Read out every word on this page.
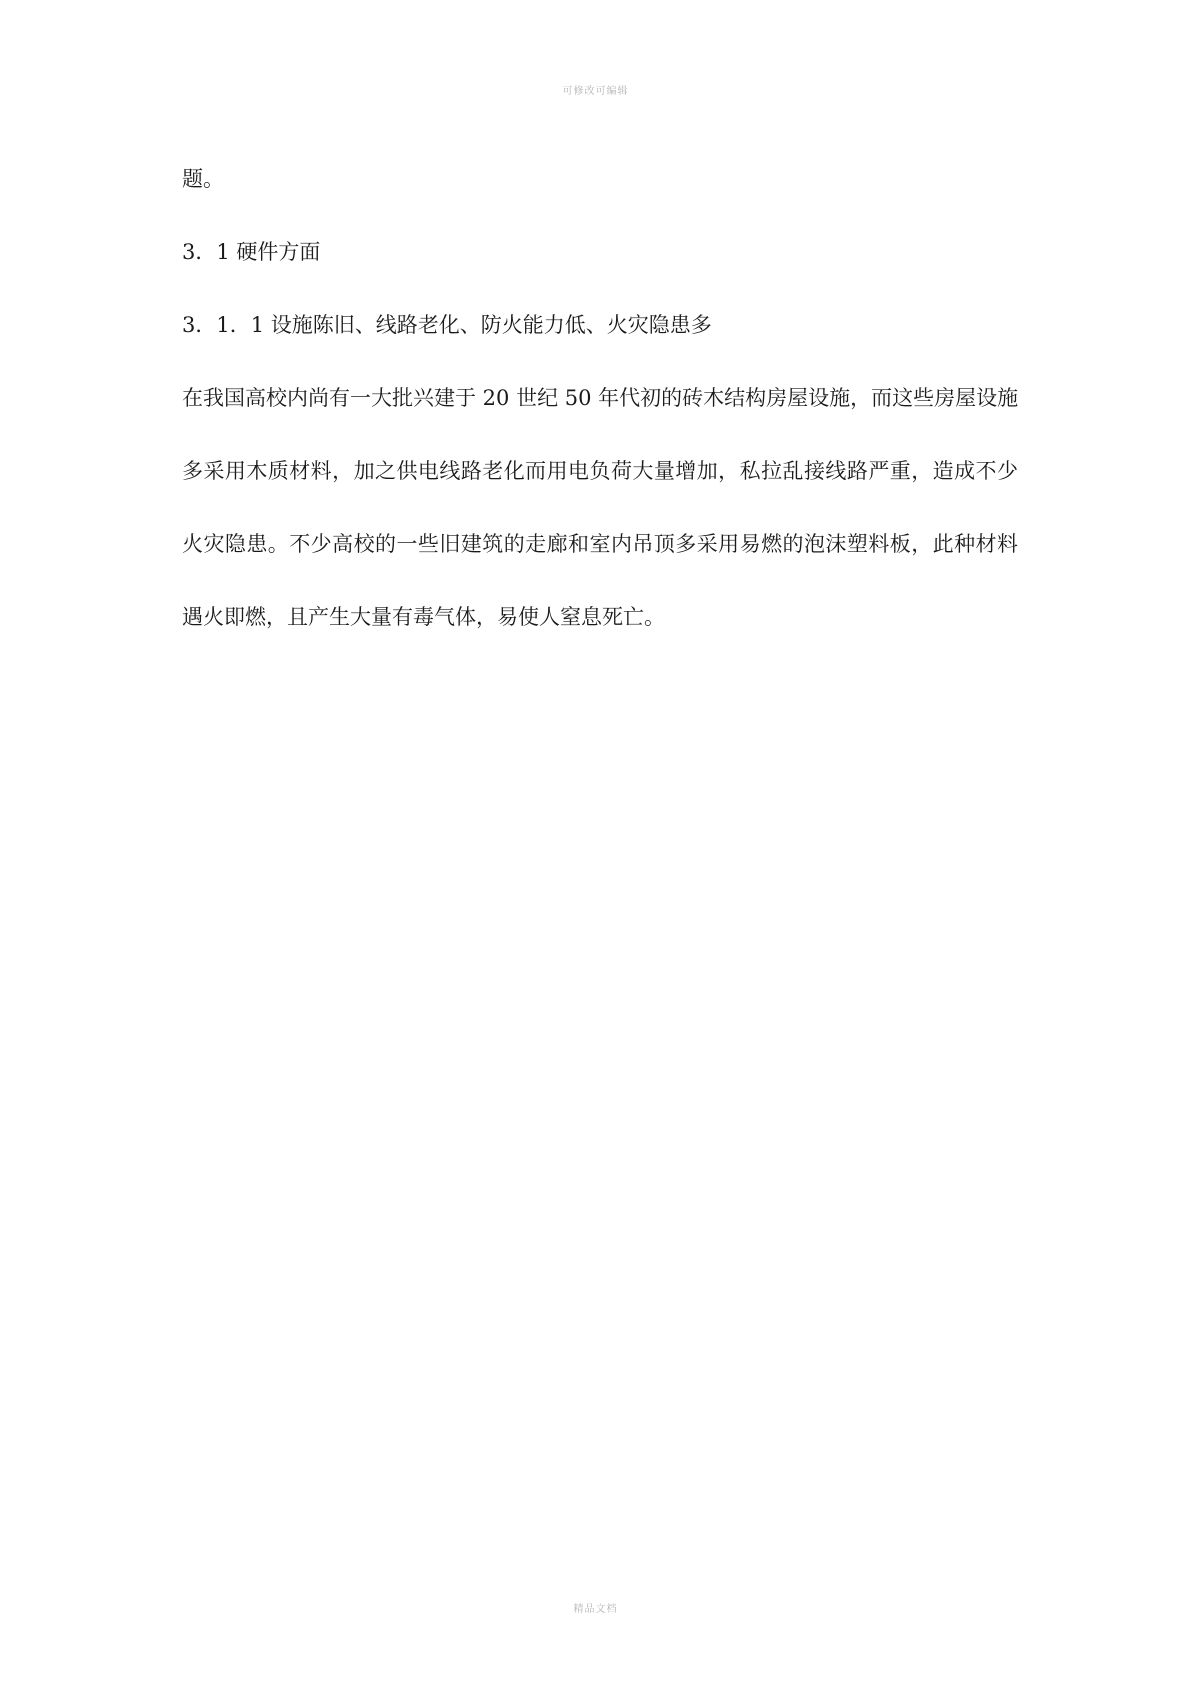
可修改可编辑
题。
3．1 硬件方面
3．1．1 设施陈旧、线路老化、防火能力低、火灾隐患多
在我国高校内尚有一大批兴建于 20 世纪 50 年代初的砖木结构房屋设施，而这些房屋设施
多采用木质材料，加之供电线路老化而用电负荷大量增加，私拉乱接线路严重，造成不少
火灾隐患。不少高校的一些旧建筑的走廊和室内吊顶多采用易燃的泡沫塑料板，此种材料
遇火即燃，且产生大量有毒气体，易使人窒息死亡。
精品文档
